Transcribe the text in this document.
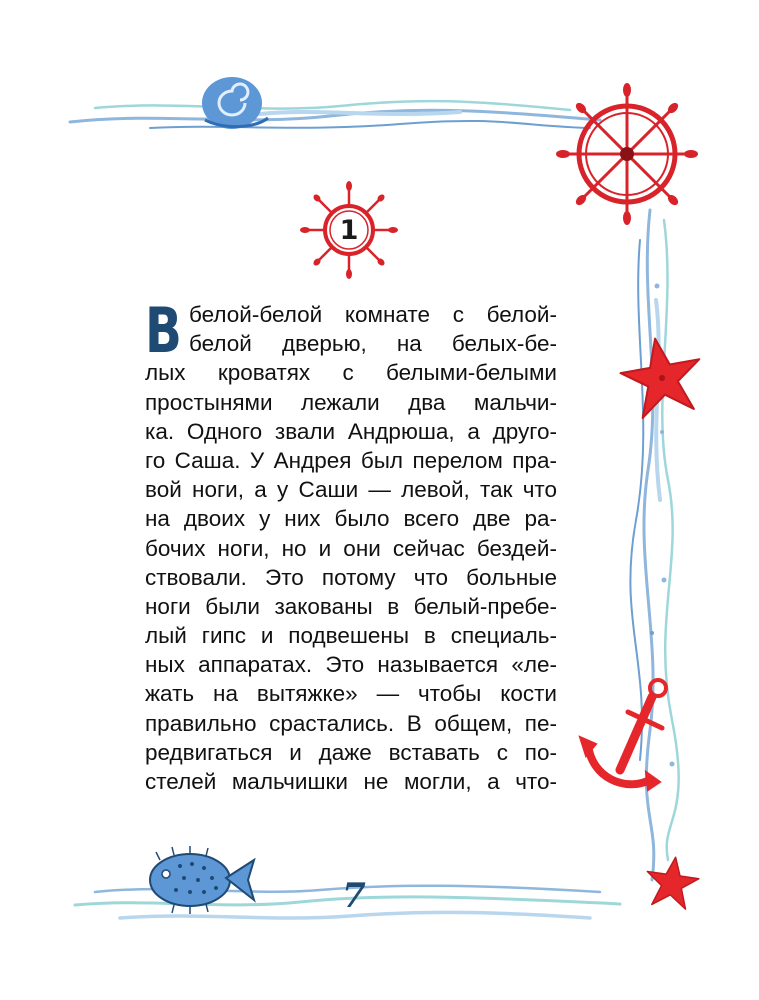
1
В белой-белой комнате с белой-
белой дверью, на белых-бе-
лых кроватях с белыми-белыми
простынями лежали два мальчи-
ка. Одного звали Андрюша, а друго-
го Саша. У Андрея был перелом пра-
вой ноги, а у Саши — левой, так что
на двоих у них было всего две ра-
бочих ноги, но и они сейчас бездей-
ствовали. Это потому что больные
ноги были закованы в белый-пребе-
лый гипс и подвешены в специаль-
ных аппаратах. Это называется «ле-
жать на вытяжке» — чтобы кости
правильно срастались. В общем, пе-
редвигаться и даже вставать с по-
стелей мальчишки не могли, а что-
7
